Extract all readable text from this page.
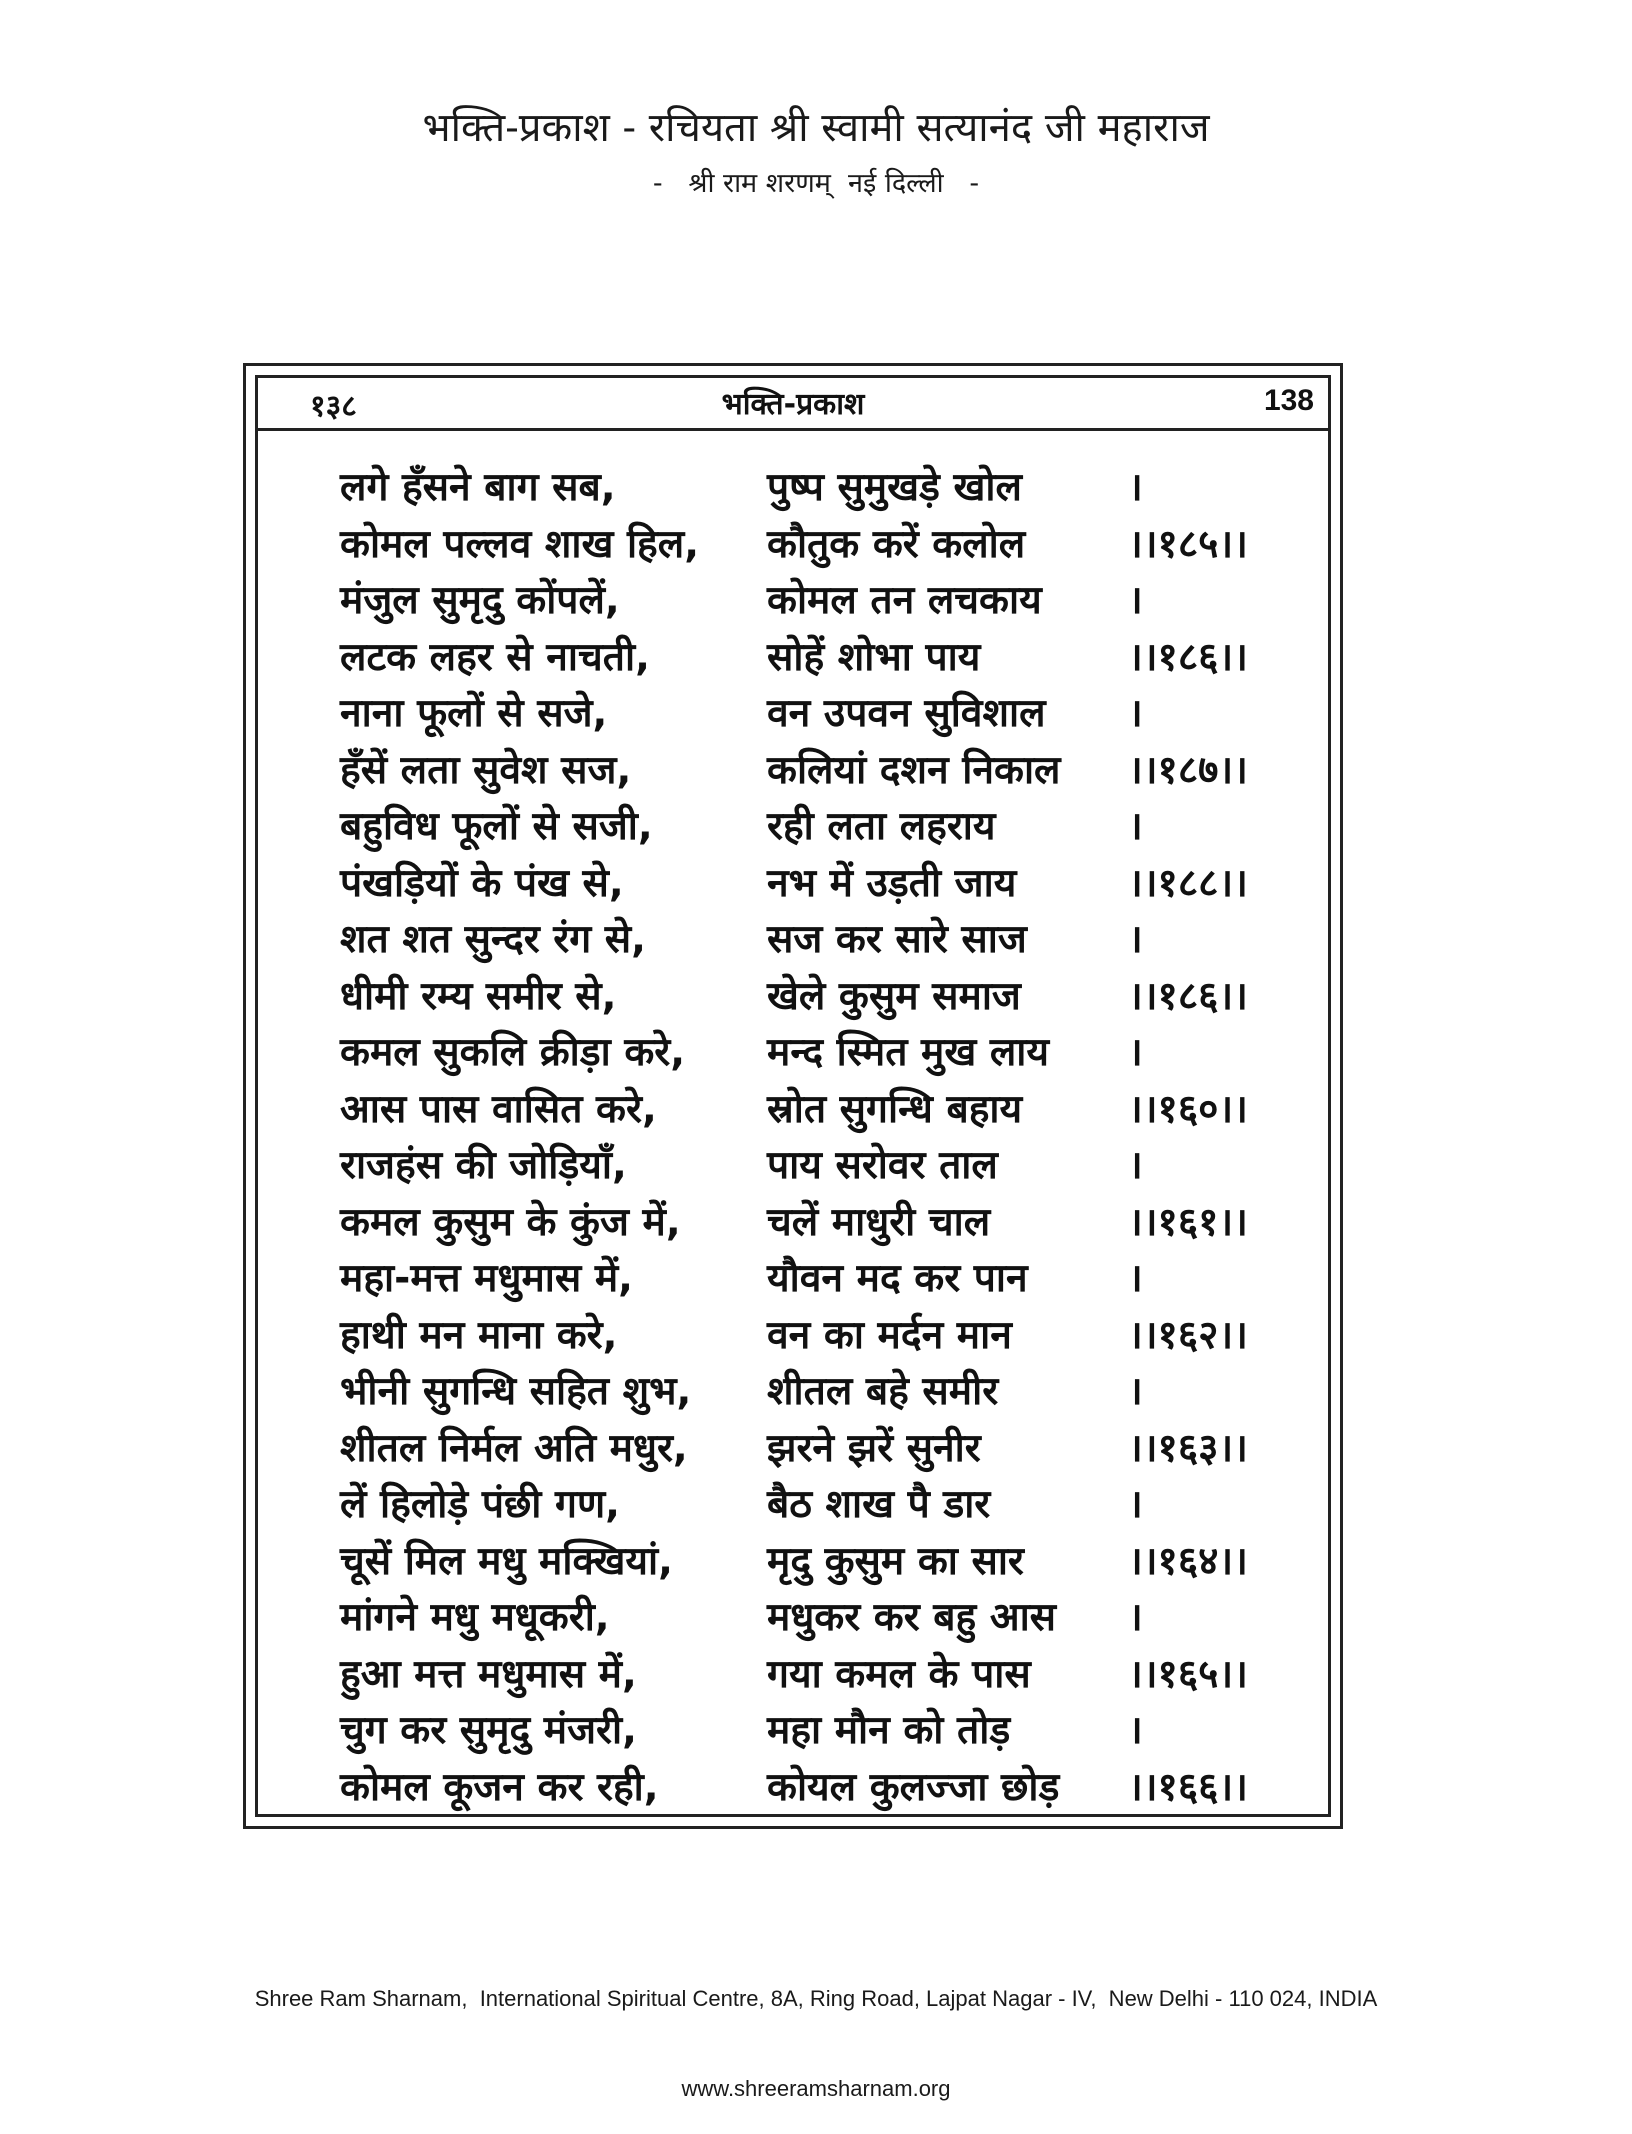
भक्ति-प्रकाश - रचियता श्री स्वामी सत्यानंद जी महाराज
-   श्री राम शरणम्  नई दिल्ली   -
१३८	भक्ति-प्रकाश	138
लगे हँसने बाग सब,	पुष्प सुमुखड़े खोल	।
कोमल पल्लव शाख हिल,	कौतुक करें कलोल	।।१८५।।
मंजुल सुमृदु कोंपलें,	कोमल तन लचकाय ।
लटक लहर से नाचती,	सोहें शोभा पाय	।।१८६।।
नाना फूलों से सजे,	वन उपवन सुविशाल ।
हँसें लता सुवेश सज,	कलियां दशन निकाल ।।१८७।।
बहुविध फूलों से सजी,	रही लता लहराय	।
पंखड़ियों के पंख से,	नभ में उड़ती जाय	।।१८८।।
शत शत सुन्दर रंग से,	सज कर सारे साज	।
धीमी रम्य समीर से,	खेले कुसुम समाज	।।१८६।।
कमल सुकलि क्रीड़ा करे,	मन्द स्मित मुख लाय ।
आस पास वासित करे,	स्रोत सुगन्धि बहाय	।।१६०।।
राजहंस की जोड़ियाँ,	पाय सरोवर ताल	।
कमल कुसुम के कुंज में,	चलें माधुरी चाल	।।१६१।।
महा-मत्त मधुमास में,	यौवन मद कर पान	।
हाथी मन माना करे,	वन का मर्दन मान	।।१६२।।
भीनी सुगन्धि सहित शुभ,	शीतल बहे समीर	।
शीतल निर्मल अति मधुर,	झरने झरें सुनीर	।।१६३।।
लें हिलोड़े पंछी गण,	बैठ शाख पै डार	।
चूसें मिल मधु मक्खियां,	मृदु कुसुम का सार	।।१६४।।
मांगने मधु मधूकरी,	मधुकर कर बहु आस ।
हुआ मत्त मधुमास में,	गया कमल के पास ।।१६५।।
चुग कर सुमृदु मंजरी,	महा मौन को तोड़	।
कोमल कूजन कर रही,	कोयल कुलज्जा छोड़ ।।१६६।।

Shree Ram Sharnam,  International Spiritual Centre, 8A, Ring Road, Lajpat Nagar - IV,  New Delhi - 110 024, INDIA

www.shreeramsharnam.org
